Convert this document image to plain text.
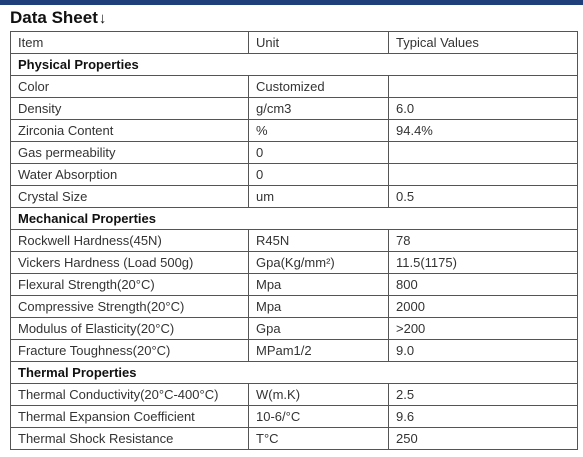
Data Sheet↓
Item	Unit	Typical Values
Physical Properties		
Color	Customized	
Density	g/cm3	6.0
Zirconia Content	%	94.4%
Gas permeability	0	
Water Absorption	0	
Crystal Size	um	0.5
Mechanical Properties		
Rockwell Hardness(45N)	R45N	78
Vickers Hardness (Load 500g)	Gpa(Kg/mm²)	11.5(1175)
Flexural Strength(20°C)	Mpa	800
Compressive Strength(20°C)	Mpa	2000
Modulus of Elasticity(20°C)	Gpa	>200
Fracture Toughness(20°C)	MPam1/2	9.0
Thermal Properties		
Thermal Conductivity(20°C-400°C)	W(m.K)	2.5
Thermal Expansion Coefficient	10-6/°C	9.6
Thermal Shock Resistance	T°C	250
